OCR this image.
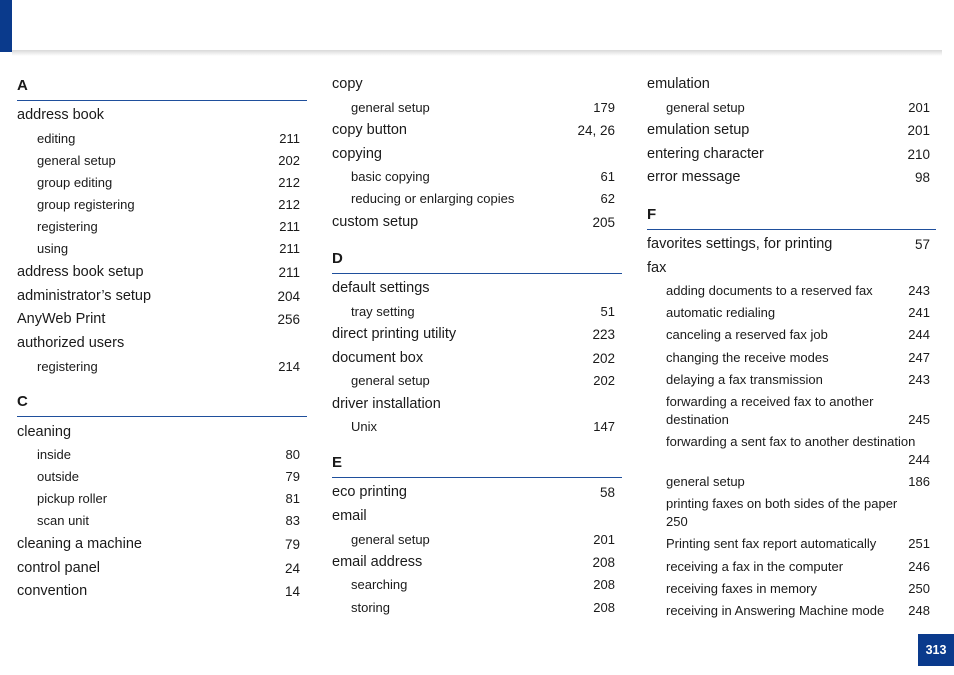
A
address book
editing	211
general setup	202
group editing	212
group registering	212
registering	211
using	211
address book setup	211
administrator’s setup	204
AnyWeb Print	256
authorized users
registering	214
C
cleaning
inside	80
outside	79
pickup roller	81
scan unit	83
cleaning a machine	79
control panel	24
convention	14
copy
general setup	179
copy button	24, 26
copying
basic copying	61
reducing or enlarging copies	62
custom setup	205
D
default settings
tray setting	51
direct printing utility	223
document box	202
general setup	202
driver installation
Unix	147
E
eco printing	58
email
general setup	201
email address	208
searching	208
storing	208
emulation
general setup	201
emulation setup	201
entering character	210
error message	98
F
favorites settings, for printing	57
fax
adding documents to a reserved fax	243
automatic redialing	241
canceling a reserved fax job	244
changing the receive modes	247
delaying a fax transmission	243
forwarding a received fax to another
destination	245
forwarding a sent fax to another destination
244
general setup	186
printing faxes on both sides of the paper
250
Printing sent fax report automatically 251
receiving a fax in the computer	246
receiving faxes in memory	250
receiving in Answering Machine mode 248
313
